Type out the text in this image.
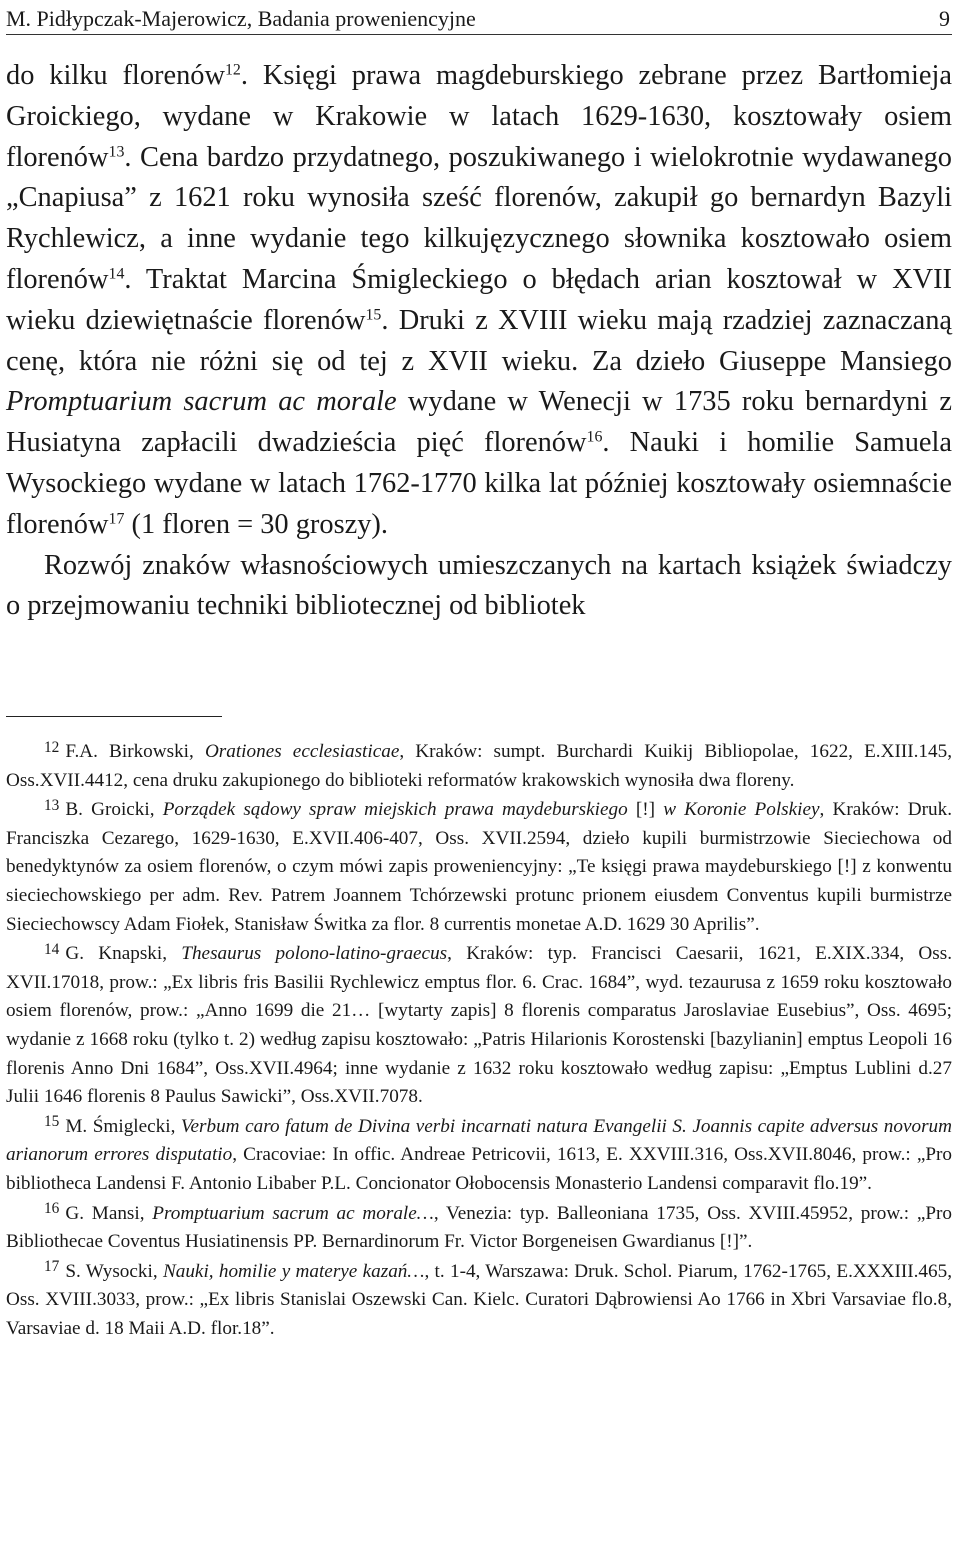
M. Pidłypczak-Majerowicz, Badania proweniencyjne	9

do kilku florenów$^{12}$. Księgi prawa magdeburskiego zebrane przez Bartłomieja Groickiego, wydane w Krakowie w latach 1629-1630, kosztowały osiem florenów$^{13}$. Cena bardzo przydatnego, poszukiwanego i wielokrotnie wydawanego „Cnapiusa” z 1621 roku wynosiła sześć florenów, zakupił go bernardyn Bazyli Rychlewicz, a inne wydanie tego kilkujęzycznego słownika kosztowało osiem florenów$^{14}$. Traktat Marcina Śmigleckiego o błędach arian kosztował w XVII wieku dziewiętnaście florenów$^{15}$. Druki z XVIII wieku mają rzadziej zaznaczaną cenę, która nie różni się od tej z XVII wieku. Za dzieło Giuseppe Mansiego Promptuarium sacrum ac morale wydane w Wenecji w 1735 roku bernardyni z Husiatyna zapłacili dwadzieścia pięć florenów$^{16}$. Nauki i homilie Samuela Wysockiego wydane w latach 1762-1770 kilka lat później kosztowały osiemnaście florenów$^{17}$ (1 floren = 30 groszy).

Rozwój znaków własnościowych umieszczanych na kartach książek świadczy o przejmowaniu techniki bibliotecznej od bibliotek

$^{12}$ F.A. Birkowski, Orationes ecclesiasticae, Kraków: sumpt. Burchardi Kuikij Bibliopolae, 1622, E.XIII.145, Oss.XVII.4412, cena druku zakupionego do biblioteki reformatów krakowskich wynosiła dwa floreny.

$^{13}$ B. Groicki, Porządek sądowy spraw miejskich prawa maydeburskiego [!] w Koronie Polskiey, Kraków: Druk. Franciszka Cezarego, 1629-1630, E.XVII.406-407, Oss. XVII.2594, dzieło kupili burmistrzowie Sieciechowa od benedyktynów za osiem florenów, o czym mówi zapis proweniencyjny: „Te księgi prawa maydeburskiego [!] z konwentu sieciechowskiego per adm. Rev. Patrem Joannem Tchórzewski protunc prionem eiusdem Conventus kupili burmistrze Sieciechowscy Adam Fiołek, Stanisław Świtka za flor. 8 currentis monetae A.D. 1629 30 Aprilis”.

$^{14}$ G. Knapski, Thesaurus polono-latino-graecus, Kraków: typ. Francisci Caesarii, 1621, E.XIX.334, Oss. XVII.17018, prow.: „Ex libris fris Basilii Rychlewicz emptus flor. 6. Crac. 1684”, wyd. tezaurusa z 1659 roku kosztowało osiem florenów, prow.: „Anno 1699 die 21… [wytarty zapis] 8 florenis comparatus Jaroslaviae Eusebius”, Oss. 4695; wydanie z 1668 roku (tylko t. 2) według zapisu kosztowało: „Patris Hilarionis Korostenski [bazylianin] emptus Leopoli 16 florenis Anno Dni 1684”, Oss.XVII.4964; inne wydanie z 1632 roku kosztowało według zapisu: „Emptus Lublini d.27 Julii 1646 florenis 8 Paulus Sawicki”, Oss.XVII.7078.

$^{15}$ M. Śmiglecki, Verbum caro fatum de Divina verbi incarnati natura Evangelii S. Joannis capite adversus novorum arianorum errores disputatio, Cracoviae: In offic. Andreae Petricovii, 1613, E. XXVIII.316, Oss.XVII.8046, prow.: „Pro bibliotheca Landensi F. Antonio Libaber P.L. Concionator Ołobocensis Monasterio Landensi comparavit flo.19”.

$^{16}$ G. Mansi, Promptuarium sacrum ac morale…, Venezia: typ. Balleoniana 1735, Oss. XVIII.45952, prow.: „Pro Bibliothecae Coventus Husiatinensis PP. Bernardinorum Fr. Victor Borgeneisen Gwardianus [!]”.

$^{17}$ S. Wysocki, Nauki, homilie y materye kazań…, t. 1-4, Warszawa: Druk. Schol. Piarum, 1762-1765, E.XXXIII.465, Oss. XVIII.3033, prow.: „Ex libris Stanislai Oszewski Can. Kielc. Curatori Dąbrowiensi Ao 1766 in Xbri Varsaviae flo.8, Varsaviae d. 18 Maii A.D. flor.18”.
